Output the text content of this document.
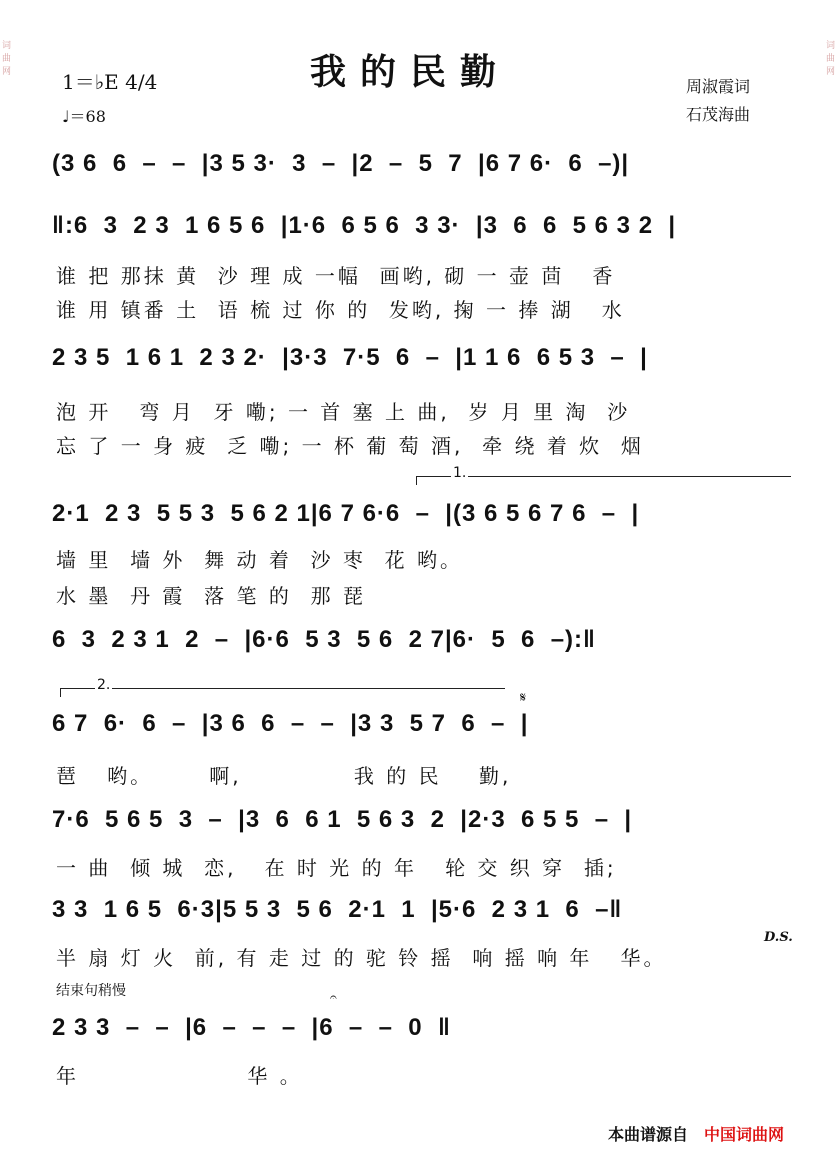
词曲网
词曲网
我的民勤
1＝♭E 4/4
♩＝68
周淑霞词
石茂海曲
(3 6  6  –  –  |3 5 3·  3  –  |2  –  5  7  |6 7 6·  6  –)|
‖:6  3  2 3  1 6 5 6  |1·6  6 5 6  3 3·  |3  6  6  5 6 3 2  |
谁 把 那抹 黄  沙 理 成 一幅  画哟, 砌 一 壶 茴   香
谁 用 镇番 土  语 梳 过 你 的  发哟, 掬 一 捧 湖   水
2 3 5  1 6 1  2 3 2·  |3·3  7·5  6  –  |1 1 6  6 5 3  –  |
泡 开   弯 月  牙 嘞; 一 首 塞 上 曲,  岁 月 里 淘  沙
忘 了 一 身 疲  乏 嘞; 一 杯 葡 萄 酒,  牵 绕 着 炊  烟
1.
2·1  2 3  5 5 3  5 6 2 1|6 7 6·6  –  |(3 6 5 6 7 6  –  |
墙 里  墙 外  舞 动 着  沙 枣  花 哟。
水 墨  丹 霞  落 笔 的  那 琵
6  3  2 3 1  2  –  |6·6  5 3  5 6  2 7|6·  5  6  –):‖
2.
𝄋
6 7  6·  6  –  |3 6  6  –  –  |3 3  5 7  6  –  |
琶   哟。      啊,            我 的 民    勤,
7·6  5 6 5  3  –  |3  6  6 1  5 6 3  2  |2·3  6 5 5  –  |
一 曲  倾 城  恋,   在 时 光 的 年   轮 交 织 穿  插;
3 3  1 6 5  6·3|5 5 3  5 6  2·1  1  |5·6  2 3 1  6  –‖
半 扇 灯 火  前, 有 走 过 的 驼 铃 摇  响 摇 响 年   华。
D.S.
结束句稍慢	𝄐
2 3 3  –  –  |6  –  –  –  |6  –  –  0  ‖
年                  华 。
本曲谱源自 中国词曲网
